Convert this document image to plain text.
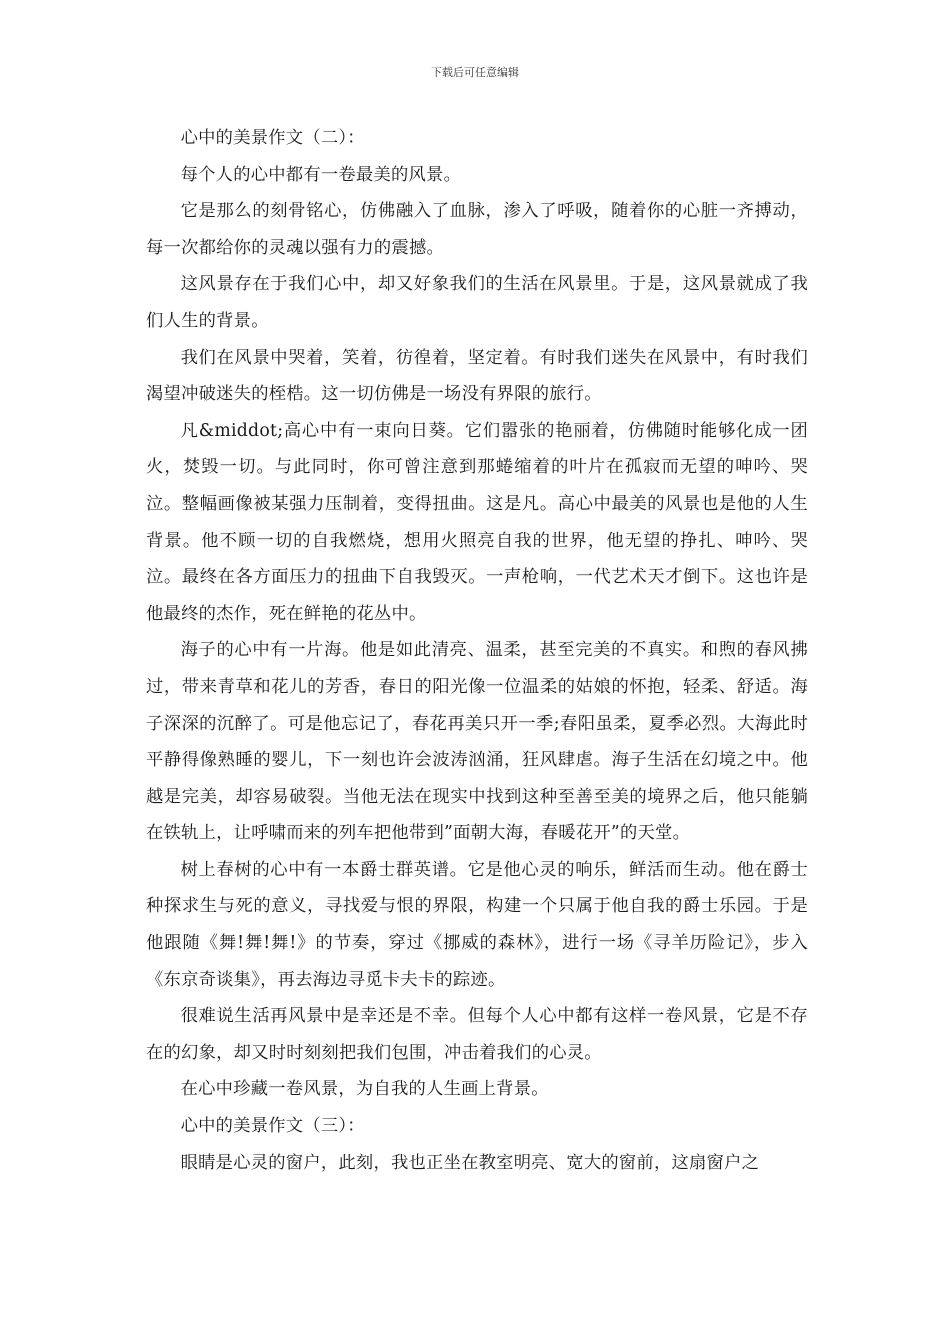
下载后可任意编辑

心中的美景作文（二）：

每个人的心中都有一卷最美的风景。

它是那么的刻骨铭心，仿佛融入了血脉，渗入了呼吸，随着你的心脏一齐搏动，每一次都给你的灵魂以强有力的震撼。

这风景存在于我们心中，却又好象我们的生活在风景里。于是，这风景就成了我们人生的背景。

我们在风景中哭着，笑着，彷徨着，坚定着。有时我们迷失在风景中，有时我们渴望冲破迷失的桎梏。这一切仿佛是一场没有界限的旅行。

凡&middot;高心中有一束向日葵。它们嚣张的艳丽着，仿佛随时能够化成一团火，焚毁一切。与此同时，你可曾注意到那蜷缩着的叶片在孤寂而无望的呻吟、哭泣。整幅画像被某强力压制着，变得扭曲。这是凡。高心中最美的风景也是他的人生背景。他不顾一切的自我燃烧，想用火照亮自我的世界，他无望的挣扎、呻吟、哭泣。最终在各方面压力的扭曲下自我毁灭。一声枪响，一代艺术天才倒下。这也许是他最终的杰作，死在鲜艳的花丛中。

海子的心中有一片海。他是如此清亮、温柔，甚至完美的不真实。和煦的春风拂过，带来青草和花儿的芳香，春日的阳光像一位温柔的姑娘的怀抱，轻柔、舒适。海子深深的沉醉了。可是他忘记了，春花再美只开一季;春阳虽柔，夏季必烈。大海此时平静得像熟睡的婴儿，下一刻也许会波涛汹涌，狂风肆虐。海子生活在幻境之中。他越是完美，却容易破裂。当他无法在现实中找到这种至善至美的境界之后，他只能躺在铁轨上，让呼啸而来的列车把他带到”面朝大海，春暖花开”的天堂。

树上春树的心中有一本爵士群英谱。它是他心灵的响乐，鲜活而生动。他在爵士种探求生与死的意义，寻找爱与恨的界限，构建一个只属于他自我的爵士乐园。于是他跟随《舞!舞!舞!》的节奏，穿过《挪威的森林》，进行一场《寻羊历险记》，步入《东京奇谈集》，再去海边寻觅卡夫卡的踪迹。

很难说生活再风景中是幸还是不幸。但每个人心中都有这样一卷风景，它是不存在的幻象，却又时时刻刻把我们包围，冲击着我们的心灵。

在心中珍藏一卷风景，为自我的人生画上背景。

心中的美景作文（三）：

眼睛是心灵的窗户，此刻，我也正坐在教室明亮、宽大的窗前，这扇窗户之
